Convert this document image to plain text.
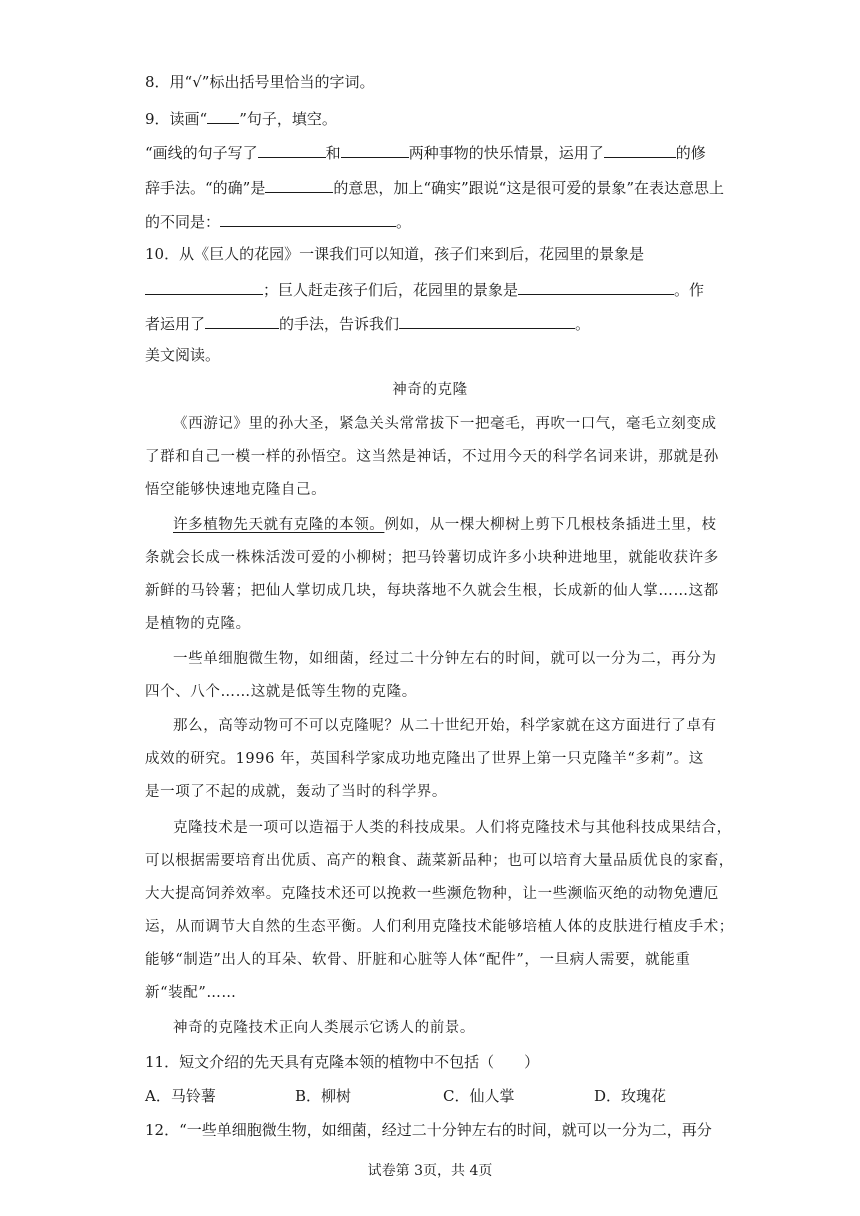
8．用“√”标出括号里恰当的字词。
9．读画“ ”句子，填空。
“画线的句子写了	和	两种事物的快乐情景，运用了	的修
辞手法。“的确”是	的意思，加上“确实”跟说“这是很可爱的景象”在表达意思上
的不同是：	。
10．从《巨人的花园》一课我们可以知道，孩子们来到后，花园里的景象是
；巨人赶走孩子们后，花园里的景象是	。作
者运用了	的手法，告诉我们	。
美文阅读。
神奇的克隆
《西游记》里的孙大圣，紧急关头常常拔下一把毫毛，再吹一口气，毫毛立刻变成
了群和自己一模一样的孙悟空。这当然是神话，不过用今天的科学名词来讲，那就是孙
悟空能够快速地克隆自己。
许多植物先天就有克隆的本领。例如，从一棵大柳树上剪下几根枝条插进土里，枝
条就会长成一株株活泼可爱的小柳树；把马铃薯切成许多小块种进地里，就能收获许多
新鲜的马铃薯；把仙人掌切成几块，每块落地不久就会生根，长成新的仙人掌……这都
是植物的克隆。
一些单细胞微生物，如细菌，经过二十分钟左右的时间，就可以一分为二，再分为
四个、八个……这就是低等生物的克隆。
那么，高等动物可不可以克隆呢？从二十世纪开始，科学家就在这方面进行了卓有
成效的研究。1996 年，英国科学家成功地克隆出了世界上第一只克隆羊“多莉”。这
是一项了不起的成就，轰动了当时的科学界。
克隆技术是一项可以造福于人类的科技成果。人们将克隆技术与其他科技成果结合，
可以根据需要培育出优质、高产的粮食、蔬菜新品种；也可以培育大量品质优良的家畜，
大大提高饲养效率。克隆技术还可以挽救一些濒危物种，让一些濒临灭绝的动物免遭厄
运，从而调节大自然的生态平衡。人们利用克隆技术能够培植人体的皮肤进行植皮手术；
能够“制造”出人的耳朵、软骨、肝脏和心脏等人体“配件”，一旦病人需要，就能重
新“装配”……
神奇的克隆技术正向人类展示它诱人的前景。
11．短文介绍的先天具有克隆本领的植物中不包括（　　）
A．马铃薯	B．柳树	C．仙人掌	D．玫瑰花
12．“一些单细胞微生物，如细菌，经过二十分钟左右的时间，就可以一分为二，再分
试卷第 3页，共 4页
